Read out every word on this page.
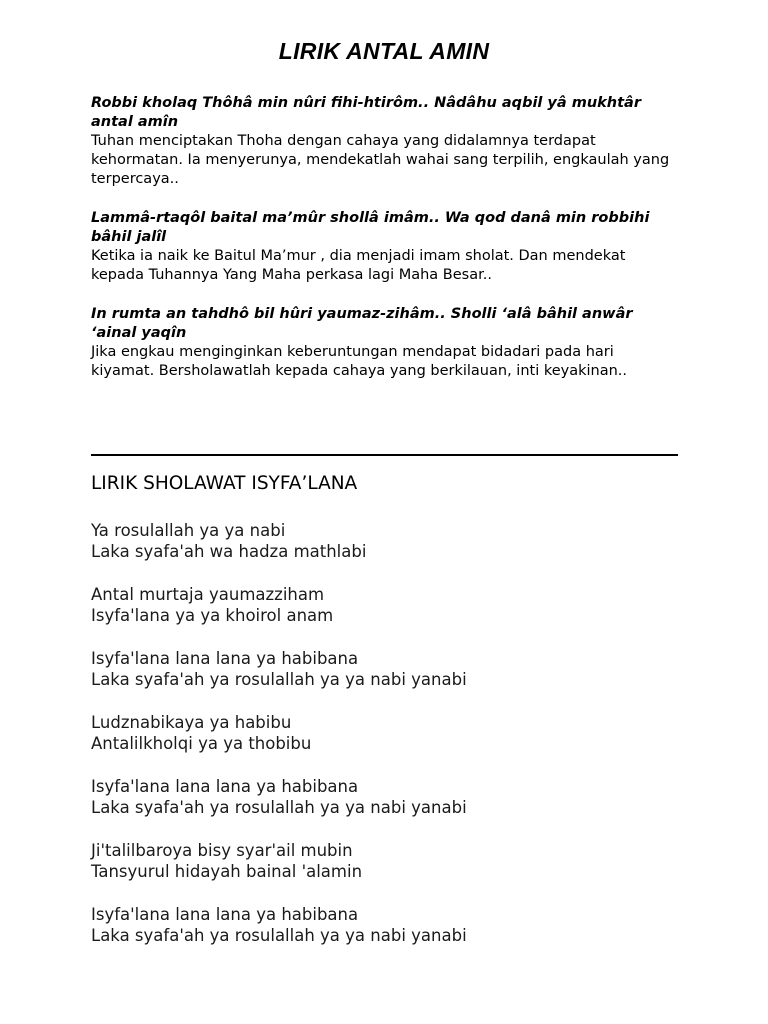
LIRIK ANTAL AMIN
Robbi kholaq Thôhâ min nûri fihi-htirôm.. Nâdâhu aqbil yâ mukhtâr antal amîn
Tuhan menciptakan Thoha dengan cahaya yang didalamnya terdapat kehormatan. Ia menyerunya, mendekatlah wahai sang terpilih, engkaulah yang terpercaya..
Lammâ-rtaqôl baital ma’mûr shollâ imâm.. Wa qod danâ min robbihi bâhil jalîl
Ketika ia naik ke Baitul Ma’mur , dia menjadi imam sholat. Dan mendekat kepada Tuhannya Yang Maha perkasa lagi Maha Besar..
In rumta an tahdhô bil hûri yaumaz-zihâm.. Sholli ‘alâ bâhil anwâr ‘ainal yaqîn
Jika engkau menginginkan keberuntungan mendapat bidadari pada hari kiyamat. Bersholawatlah kepada cahaya yang berkilauan, inti keyakinan..
LIRIK SHOLAWAT ISYFA’LANA
Ya rosulallah ya ya nabi
Laka syafa'ah wa hadza mathlabi
Antal murtaja yaumazziham
Isyfa'lana ya ya khoirol anam
Isyfa'lana lana lana ya habibana
Laka syafa'ah ya rosulallah ya ya nabi yanabi
Ludznabikaya ya habibu
Antalilkholqi ya ya thobibu
Isyfa'lana lana lana ya habibana
Laka syafa'ah ya rosulallah ya ya nabi yanabi
Ji'talilbaroya bisy syar'ail mubin
Tansyurul hidayah bainal 'alamin
Isyfa'lana lana lana ya habibana
Laka syafa'ah ya rosulallah ya ya nabi yanabi
